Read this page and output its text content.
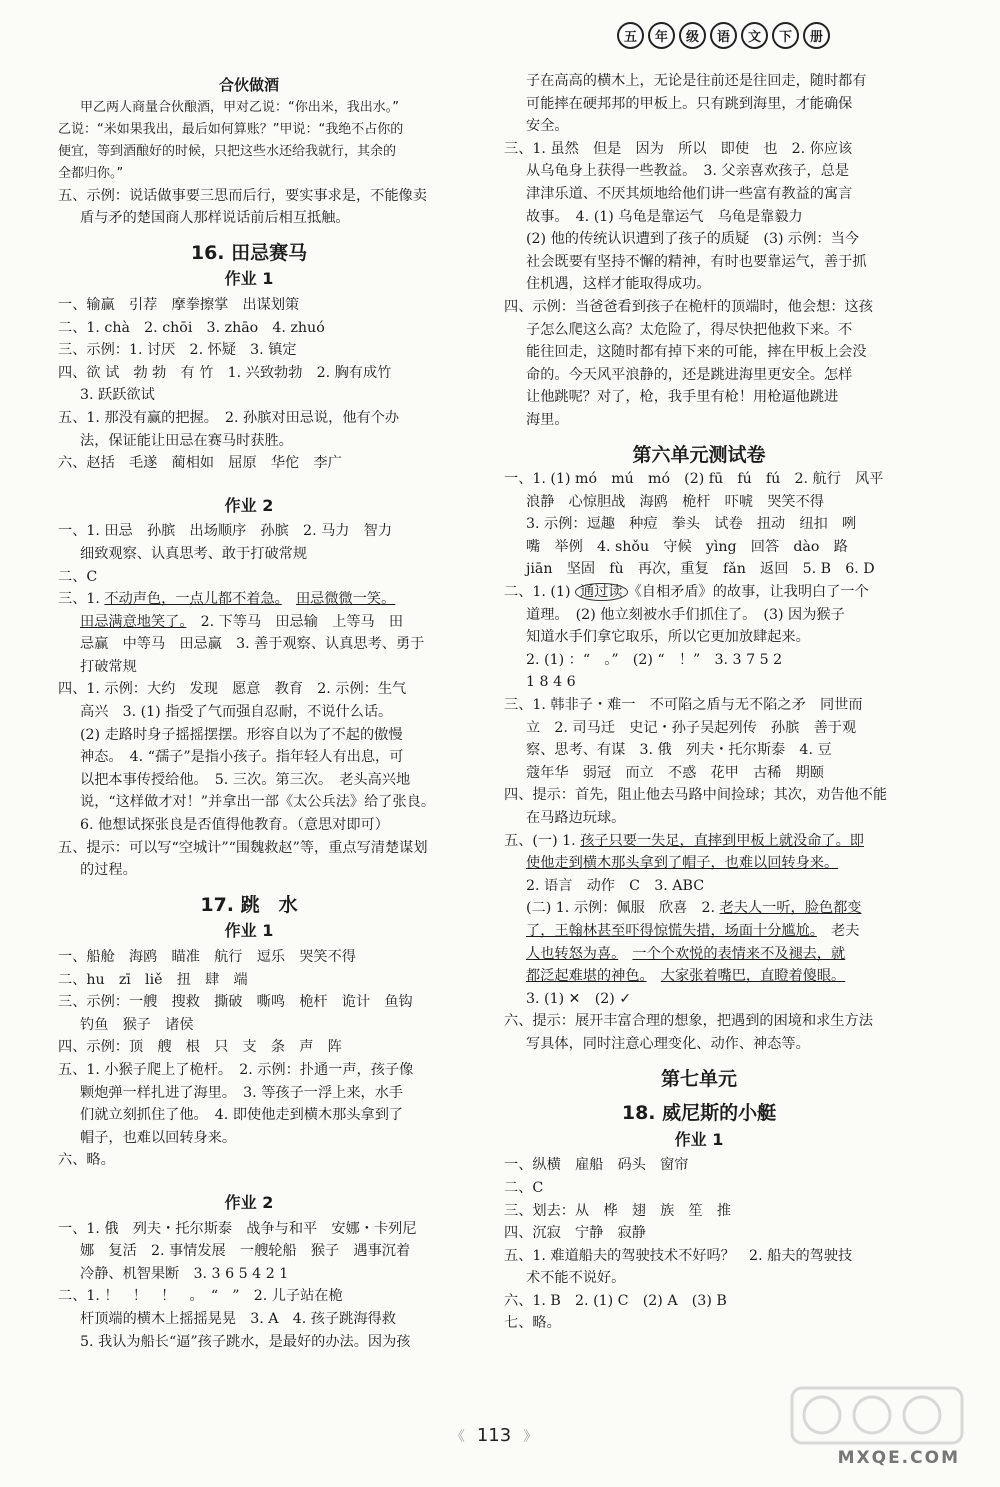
五	年	级	语	文	下	册

合伙做酒

甲乙两人商量合伙酿酒，甲对乙说：“你出米，我出水。”

乙说：“米如果我出，最后如何算账？”甲说：“我绝不占你的

便宜，等到酒酿好的时候，只把这些水还给我就行，其余的

全都归你。”

五、示例：说话做事要三思而后行，要实事求是，不能像卖

盾与矛的楚国商人那样说话前后相互抵触。

16. 田忌赛马

作业 1

一、输赢　引荐　摩拳擦掌　出谋划策

二、1. chà　2. chōi　3. zhāo　4. zhuó

三、示例：1. 讨厌　2. 怀疑　3. 镇定

四、欲 试　勃 勃　有 竹　1. 兴致勃勃　2. 胸有成竹

3. 跃跃欲试

五、1. 那没有赢的把握。　2. 孙膑对田忌说，他有个办

法，保证能让田忌在赛马时获胜。

六、赵括　毛遂　蔺相如　屈原　华佗　李广

作业 2

一、1. 田忌　孙膑　出场顺序　孙膑　2. 马力　智力

细致观察、认真思考、敢于打破常规

二、C

三、1. 不动声色，一点儿都不着急。　 田忌微微一笑。

田忌满意地笑了。　2. 下等马　田忌输　上等马　田

忌赢　中等马　田忌赢　3. 善于观察、认真思考、勇于

打破常规

四、1. 示例：大约　发现　愿意　教育　2. 示例：生气

高兴　3. (1) 指受了气而强自忍耐，不说什么话。

(2) 走路时身子摇摇摆摆。形容自以为了不起的傲慢

神态。　4. “孺子”是指小孩子。指年轻人有出息，可

以把本事传授给他。　5. 三次。第三次。　老头高兴地

说，“这样做才对！”并拿出一部《太公兵法》给了张良。

6. 他想试探张良是否值得他教育。（意思对即可）

五、提示：可以写“空城计”“围魏救赵”等，重点写清楚谋划

的过程。

17. 跳　水

作业 1

一、船舱　海鸥　瞄准　航行　逗乐　哭笑不得

二、hu　zī　liě　扭　肆　端

三、示例：一艘　搜救　撕破　嘶鸣　桅杆　诡计　鱼钩

钓鱼　猴子　诸侯

四、示例：顶　艘　根　只　支　条　声　阵

五、1. 小猴子爬上了桅杆。　2. 示例：扑通一声，孩子像

颗炮弹一样扎进了海里。　3. 等孩子一浮上来，水手

们就立刻抓住了他。　4. 即使他走到横木那头拿到了

帽子，也难以回转身来。

六、略。

作业 2

一、1. 俄　列夫・托尔斯泰　战争与和平　安娜・卡列尼

娜　复活　2. 事情发展　一艘轮船　猴子　遇事沉着

冷静、机智果断　3. 3 6 5 4 2 1

二、1. ！　！　！　。　“　”　2. 儿子站在桅

杆顶端的横木上摇摇晃晃　3. A　4. 孩子跳海得救

5. 我认为船长“逼”孩子跳水，是最好的办法。因为孩

子在高高的横木上，无论是往前还是往回走，随时都有

可能摔在硬邦邦的甲板上。只有跳到海里，才能确保

安全。

三、1. 虽然　但是　因为　所以　即使　也　2. 你应该

从乌龟身上获得一些教益。　3. 父亲喜欢孩子，总是

津津乐道、不厌其烦地给他们讲一些富有教益的寓言

故事。　4. (1) 乌龟是靠运气　乌龟是靠毅力

(2) 他的传统认识遭到了孩子的质疑　(3) 示例：当今

社会既要有坚持不懈的精神，有时也要靠运气，善于抓

住机遇，这样才能取得成功。

四、示例：当爸爸看到孩子在桅杆的顶端时，他会想：这孩

子怎么爬这么高？太危险了，得尽快把他救下来。不

能往回走，这随时都有掉下来的可能，摔在甲板上会没

命的。今天风平浪静的，还是跳进海里更安全。怎样

让他跳呢？对了，枪，我手里有枪！用枪逼他跳进

海里。

第六单元测试卷

一、1. (1) mó　mú　mó　(2) fū　fú　fú　2. 航行　风平

浪静　心惊胆战　海鸥　桅杆　吓唬　哭笑不得

3. 示例：逗趣　种痘　拳头　试卷　扭动　纽扣　咧

嘴　举例　4. shǒu　守候　yìng　回答　dào　路

jiān　坚固　fù　再次，重复　fǎn　返回　5. B　6. D

二、1. (1) 通过读 《自相矛盾》的故事，让我明白了一个

道理。　(2) 他立刻被水手们抓住了。　(3) 因为猴子

知道水手们拿它取乐，所以它更加放肆起来。

2. (1) ：“　。”　(2) “　！”　3. 3 7 5 2

1 8 4 6

三、1. 韩非子・难一　不可陷之盾与无不陷之矛　同世而

立　2. 司马迁　史记・孙子吴起列传　孙膑　善于观

察、思考、有谋　3. 俄　列夫・托尔斯泰　4. 豆

蔻年华　弱冠　而立　不惑　花甲　古稀　期颐

四、提示：首先，阻止他去马路中间捡球；其次，劝告他不能

在马路边玩球。

五、(一) 1. 孩子只要一失足，直摔到甲板上就没命了。即

使他走到横木那头拿到了帽子，也难以回转身来。

2. 语言　动作　C　3. ABC

(二) 1. 示例：佩服　欣喜　2. 老夫人一听，脸色都变

了，王翰林甚至吓得惊慌失措，场面十分尴尬。　老夫

人也转怒为喜。　 一个个欢悦的表情来不及褪去，就

都泛起难堪的神色。　 大家张着嘴巴，直瞪着傻眼。

3. (1) ✕　(2) ✓

六、提示：展开丰富合理的想象，把遇到的困境和求生方法

写具体，同时注意心理变化、动作、神态等。

第七单元

18. 威尼斯的小艇

作业 1

一、纵横　雇船　码头　窗帘

二、C

三、划去：从　桦　翅　族　笙　推

四、沉寂　宁静　寂静

五、1. 难道船夫的驾驶技术不好吗？　2. 船夫的驾驶技

术不能不说好。

六、1. B　2. (1) C　(2) A　(3) B

七、略。

《 113 》
MXQE.COM
